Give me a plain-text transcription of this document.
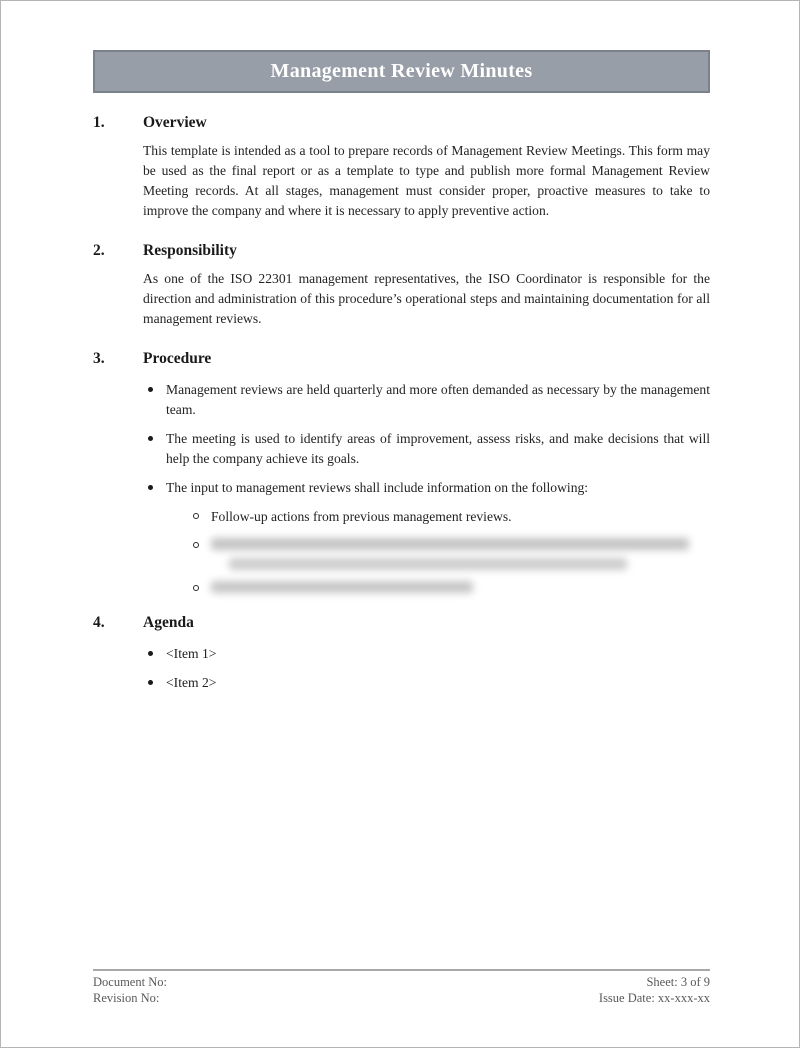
Management Review Minutes
1.	Overview

This template is intended as a tool to prepare records of Management Review Meetings. This form may be used as the final report or as a template to type and publish more formal Management Review Meeting records. At all stages, management must consider proper, proactive measures to take to improve the company and where it is necessary to apply preventive action.

2.	Responsibility

As one of the ISO 22301 management representatives, the ISO Coordinator is responsible for the direction and administration of this procedure’s operational steps and maintaining documentation for all management reviews.

3.	Procedure
Management reviews are held quarterly and more often demanded as necessary by the management team.
The meeting is used to identify areas of improvement, assess risks, and make decisions that will help the company achieve its goals.
The input to management reviews shall include information on the following:
Follow-up actions from previous management reviews.
4.	Agenda
<Item 1>
<Item 2>
Document No:
Revision No:
Sheet: 3 of 9
Issue Date: xx-xxx-xx
